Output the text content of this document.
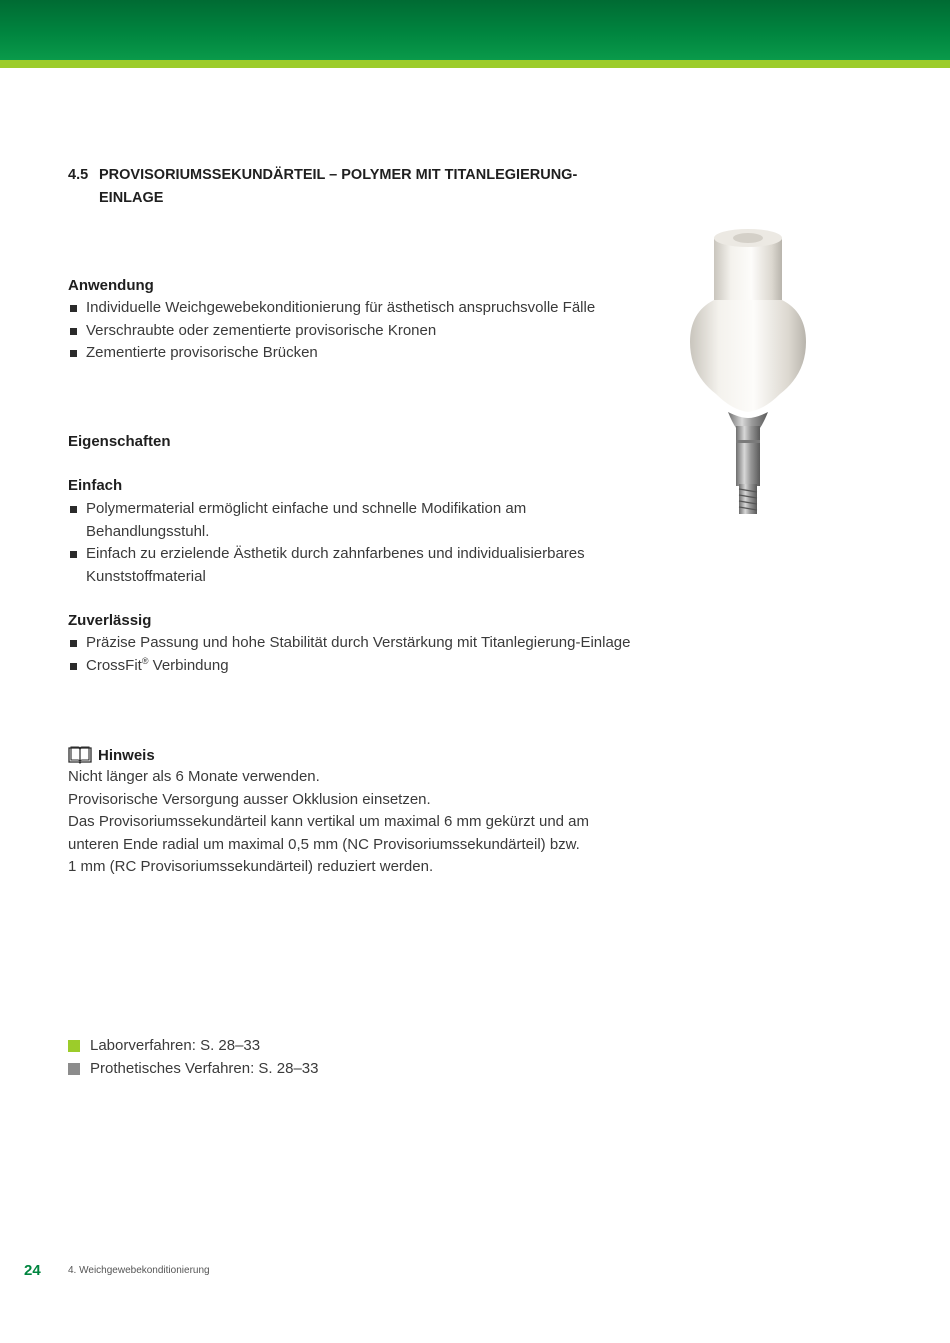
4.5 PROVISORIUMSSEKUNDÄRTEIL – POLYMER MIT TITANLEGIERUNG-
EINLAGE
Anwendung
Individuelle Weichgewebekonditionierung für ästhetisch anspruchsvolle Fälle
Verschraubte oder zementierte provisorische Kronen
Zementierte provisorische Brücken
Eigenschaften
Einfach
Polymermaterial ermöglicht einfache und schnelle Modifikation am
Behandlungsstuhl.
Einfach zu erzielende Ästhetik durch zahnfarbenes und individualisierbares
Kunststoffmaterial
Zuverlässig
Präzise Passung und hohe Stabilität durch Verstärkung mit Titanlegierung-Einlage
CrossFit® Verbindung
Hinweis
Nicht länger als 6 Monate verwenden.
Provisorische Versorgung ausser Okklusion einsetzen.
Das Provisoriumssekundärteil kann vertikal um maximal 6 mm gekürzt und am
unteren Ende radial um maximal 0,5 mm (NC Provisoriumssekundärteil) bzw.
1 mm (RC Provisoriumssekundärteil) reduziert werden.
Laborverfahren: S. 28–33
Prothetisches Verfahren: S. 28–33
24	4. Weichgewebekonditionierung
